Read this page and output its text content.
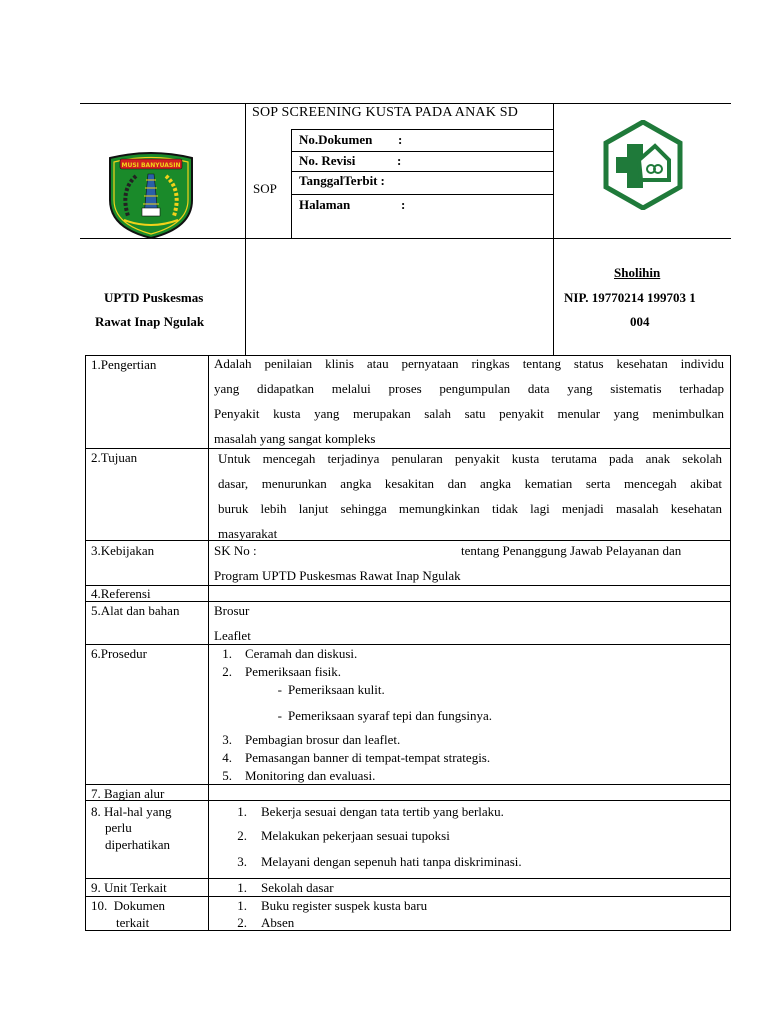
SOP SCREENING KUSTA PADA ANAK SD
SOP
No.Dokumen :
No. Revisi	:
TanggalTerbit :
Halaman	:
MUSI BANYUASIN
UPTD Puskesmas
Rawat Inap Ngulak
Sholihin
NIP. 19770214 199703 1
004
1.Pengertian	Adalah penilaian klinis atau pernyataan ringkas tentang status kesehatan individu
yang didapatkan melalui proses pengumpulan data yang sistematis terhadap
Penyakit kusta yang merupakan salah satu penyakit menular yang menimbulkan
masalah yang sangat kompleks
2.Tujuan	Untuk mencegah terjadinya penularan penyakit kusta terutama pada anak sekolah
dasar, menurunkan angka kesakitan dan angka kematian serta mencegah akibat
buruk lebih lanjut sehingga memungkinkan tidak lagi menjadi masalah kesehatan
masyarakat
3.Kebijakan	SK No :	tentang Penanggung Jawab Pelayanan dan
Program UPTD Puskesmas Rawat Inap Ngulak
4.Referensi
5.Alat dan bahan	Brosur
Leaflet
6.Prosedur	1. Ceramah dan diskusi.
2. Pemeriksaan fisik.
- Pemeriksaan kulit.
- Pemeriksaan syaraf tepi dan fungsinya.
3. Pembagian brosur dan leaflet.
4. Pemasangan banner di tempat-tempat strategis.
5. Monitoring dan evaluasi.
7. Bagian alur
8. Hal-hal yang
perlu
diperhatikan
1. Bekerja sesuai dengan tata tertib yang berlaku.
2. Melakukan pekerjaan sesuai tupoksi
3. Melayani dengan sepenuh hati tanpa diskriminasi.
9. Unit Terkait	1. Sekolah dasar
10.  Dokumen
terkait
1. Buku register suspek kusta baru
2. Absen
